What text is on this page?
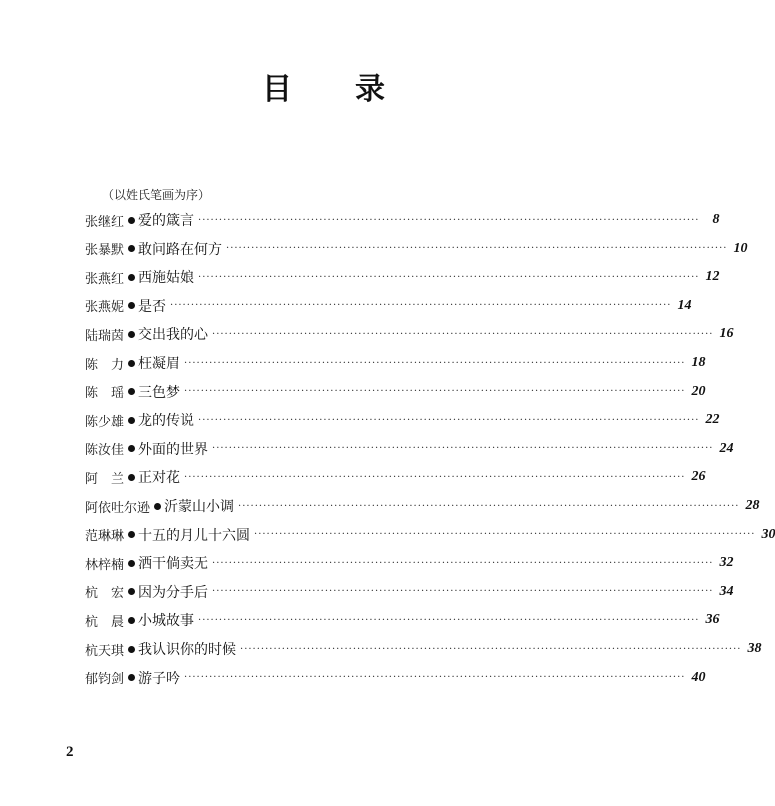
目 录
（以姓氏笔画为序）
张继红 爱的箴言 ························································································································ 8
张暴默 敢问路在何方 ························································································································ 10
张燕红 西施姑娘 ························································································································ 12
张燕妮 是否 ························································································································ 14
陆瑞茵 交出我的心 ························································································································ 16
陈　力 枉凝眉 ························································································································ 18
陈　瑶 三色梦 ························································································································ 20
陈少雄 龙的传说 ························································································································ 22
陈汝佳 外面的世界 ························································································································ 24
阿　兰 正对花 ························································································································ 26
阿依吐尔逊 沂蒙山小调 ························································································································ 28
范琳琳 十五的月儿十六圆 ························································································································ 30
林梓楠 洒干倘卖无 ························································································································ 32
杭　宏 因为分手后 ························································································································ 34
杭　晨 小城故事 ························································································································ 36
杭天琪 我认识你的时候 ························································································································ 38
郁钧剑 游子吟 ························································································································ 40
2
